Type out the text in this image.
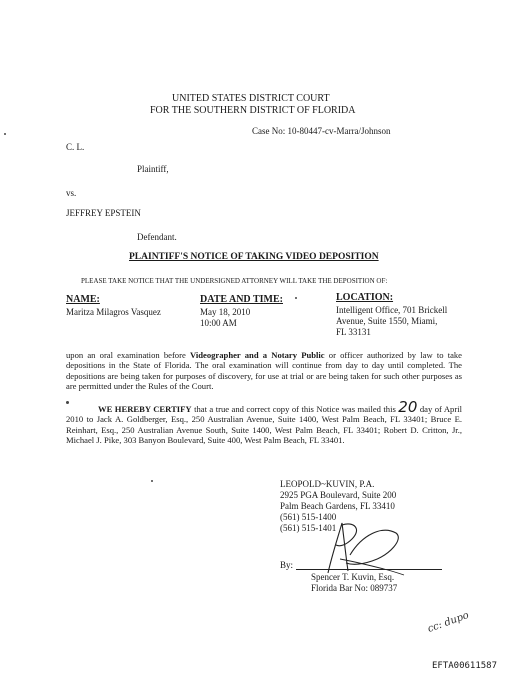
UNITED STATES DISTRICT COURT
FOR THE SOUTHERN DISTRICT OF FLORIDA
Case No: 10-80447-cv-Marra/Johnson
C. L.
Plaintiff,
vs.
JEFFREY EPSTEIN
Defendant.
PLAINTIFF'S NOTICE OF TAKING VIDEO DEPOSITION
PLEASE TAKE NOTICE THAT THE UNDERSIGNED ATTORNEY WILL TAKE THE DEPOSITION OF:
NAME:
Maritza Milagros Vasquez
DATE AND TIME:
May 18, 2010
10:00 AM
LOCATION:
Intelligent Office, 701 Brickell
Avenue, Suite 1550, Miami,
FL 33131
upon an oral examination before Videographer and a Notary Public or officer authorized by law to take depositions in the State of Florida. The oral examination will continue from day to day until completed. The depositions are being taken for purposes of discovery, for use at trial or are being taken for such other purposes as are permitted under the Rules of the Court.
WE HEREBY CERTIFY that a true and correct copy of this Notice was mailed this 20 day of April 2010 to Jack A. Goldberger, Esq., 250 Australian Avenue, Suite 1400, West Palm Beach, FL 33401; Bruce E. Reinhart, Esq., 250 Australian Avenue South, Suite 1400, West Palm Beach, FL 33401; Robert D. Critton, Jr., Michael J. Pike, 303 Banyon Boulevard, Suite 400, West Palm Beach, FL 33401.
LEOPOLD~KUVIN, P.A.
2925 PGA Boulevard, Suite 200
Palm Beach Gardens, FL 33410
(561) 515-1400
(561) 515-1401
By:
Spencer T. Kuvin, Esq.
Florida Bar No: 089737
cc: dupo
EFTA00611587
